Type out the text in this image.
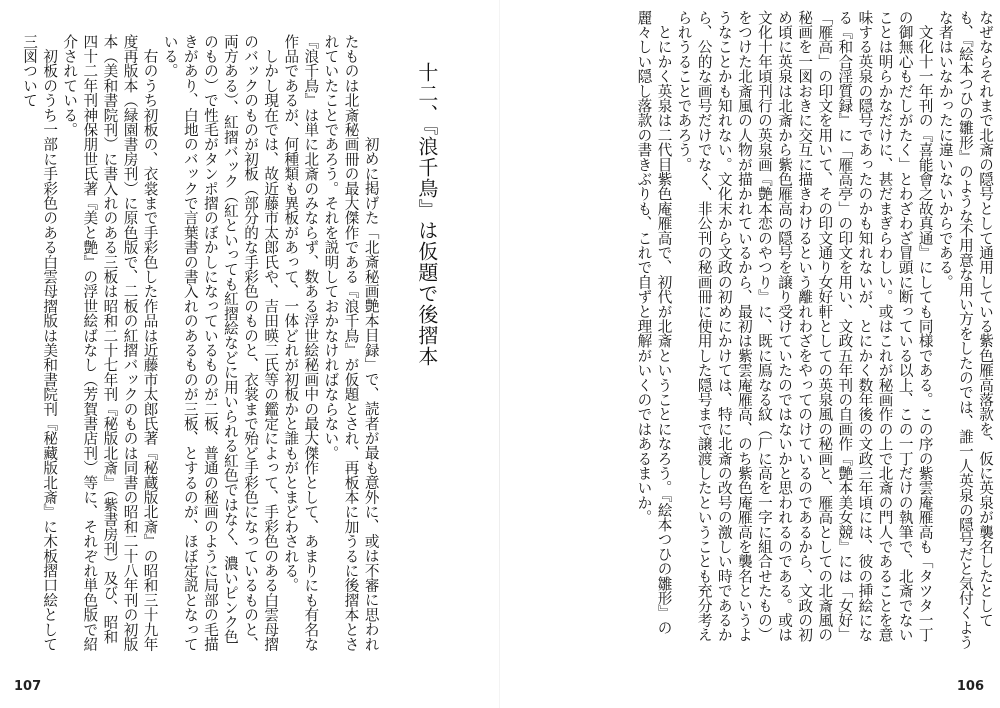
十二、『浪千鳥』は仮題で後摺本

初めに掲げた「北斎秘画艶本目録」で、読者が最も意外に、或は不審に思われたものは北斎秘画冊の最大傑作である『浪千鳥』が仮題とされ、再板本に加うるに後摺本とされていたことであろう。それを説明しておかなければならない。
『浪千鳥』は単に北斎のみならず、数ある浮世絵秘画中の最大傑作として、あまりにも有名な作品であるが、何種類も異板があって、一体どれが初板かと誰もがとまどわされる。
　しかし現在では、故近藤市太郎氏や、吉田暎二氏等の鑑定によって、手彩色のある白雲母摺のバックのものが初板（部分的な手彩色のものと、衣裳まで殆ど手彩色になっているものと、両方ある）、紅摺バック（紅といっても紅摺絵などに用いられる紅色ではなく、濃いピンク色のもの）で性毛がタンポ摺のぼかしになっているものが二板、普通の秘画のように局部の毛描きがあり、白地のバックで言葉書の書入れのあるものが三板、とするのが、ほぼ定説となっている。
　右のうち初板の、衣裳まで手彩色した作品は近藤市太郎氏著『秘蔵版北斎』の昭和三十九年度再版本（緑園書房刊）に原色版で、二板の紅摺バックのものは同書の昭和二十八年刊の初版本（美和書院刊）に書入れのある三板は昭和二十七年刊『秘版北斎』（紫書房刊）及び、昭和四十二年刊神保朋世氏著『美と艶』の浮世絵ばなし（芳賀書店刊）等に、それぞれ単色版で紹介されている。
　初板のうち一部に手彩色のある白雲母摺版は美和書院刊『秘藏版北斎』に木板摺口絵として三図ついて

107
なぜならそれまで北斎の隠号として通用している紫色雁高落款を、仮に英泉が襲名したとしても、『絵本つひの雛形』のような不用意な用い方をしたのでは、誰一人英泉の隠号だと気付くような者はいなかったに違いないからである。
　文化十一年刊の『喜能會之故真通』にしても同様である。この序の紫雲庵雁高も「タツタ一丁の御無心もだしがたく」とわざわざ冒頭に断っている以上、この一丁だけの執筆で、北斎でないことは明らかなだけに、甚だまぎらわしい。或はこれが秘画作の上で北斎の門人であることを意味する英泉の隠号であったのかも知れないが、とにかく数年後の文政三年頃には、彼の挿絵になる『和合淫質録』に「雁高亭」の印文を用い、文政五年刊の自画作『艶本美女競』には「女好」「雁高」の印文を用いて、その印文通り女好軒としての英泉風の秘画と、雁高としての北斎風の秘画を一図おきに交互に描きわけるという離れわざをやってのけているのであるから、文政の初め頃に英泉は北斎から紫色雁高の隠号を譲り受けていたのではないかと思われるのである。或は文化十年頃刊行の英泉画『艶本恋のやつり』に、既に鳫なる紋（厂に高を一字に組合せたもの）をつけた北斎風の人物が描かれているから、最初は紫雲庵雁高、のち紫色庵雁高を襲名というようなことかも知れない。文化末から文政の初めにかけては、特に北斎の改号の激しい時であるから、公的な画号だけでなく、非公刊の秘画冊に使用した隠号まで譲渡したということも充分考えられうることであろう。
　とにかく英泉は二代目紫色庵雁高で、初代が北斎ということになろう。『絵本つひの雛形』の麗々しい隠し落款の書きぶりも、これで自ずと理解がいくのではあるまいか。
106
